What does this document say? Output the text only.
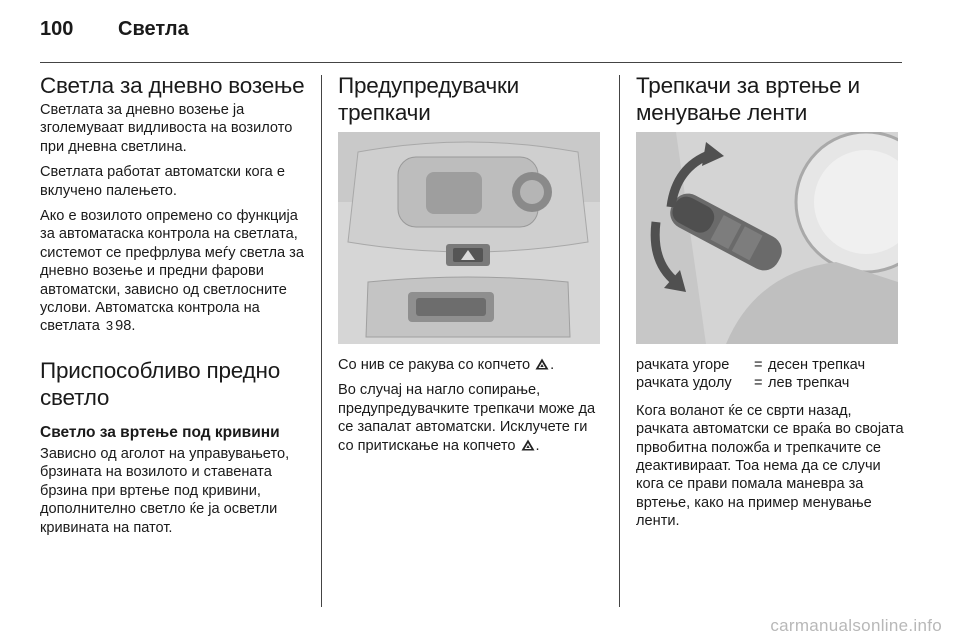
100 Светла
Светла за дневно возење

Светлата за дневно возење ја зголемуваат видливоста на возилото при дневна светлина.

Светлата работат автоматски кога е вклучено палењето.

Ако е возилото опремено со функција за автоматаска контрола на светлата, системот се префрлува меѓу светла за дневно возење и предни фарови автоматски, зависно од светлосните услови. Автоматска контрола на светлата 3 98.

Приспособливо предно светло
Светло за вртење под кривини

Зависно од аголот на управувањето, брзината на возилото и ставената брзина при вртење под кривини, дополнително светло ќе ја осветли кривината на патот.

Предупредувачки трепкачи

Со нив се ракува со копчето .

Во случај на нагло сопирање, предупредувачките трепкачи може да се запалат автоматски. Исклучете ги со притискање на копчето .

Трепкачи за вртење и менување ленти
рачката угоре	= десен трепкач
рачката удолу	= лев трепкач

Кога воланот ќе се сврти назад, рачката автоматски се враќа во својата првобитна положба и трепкачите се деактивираат. Тоа нема да се случи кога се прави помала маневра за вртење, како на пример менување ленти.

carmanualsonline.info
